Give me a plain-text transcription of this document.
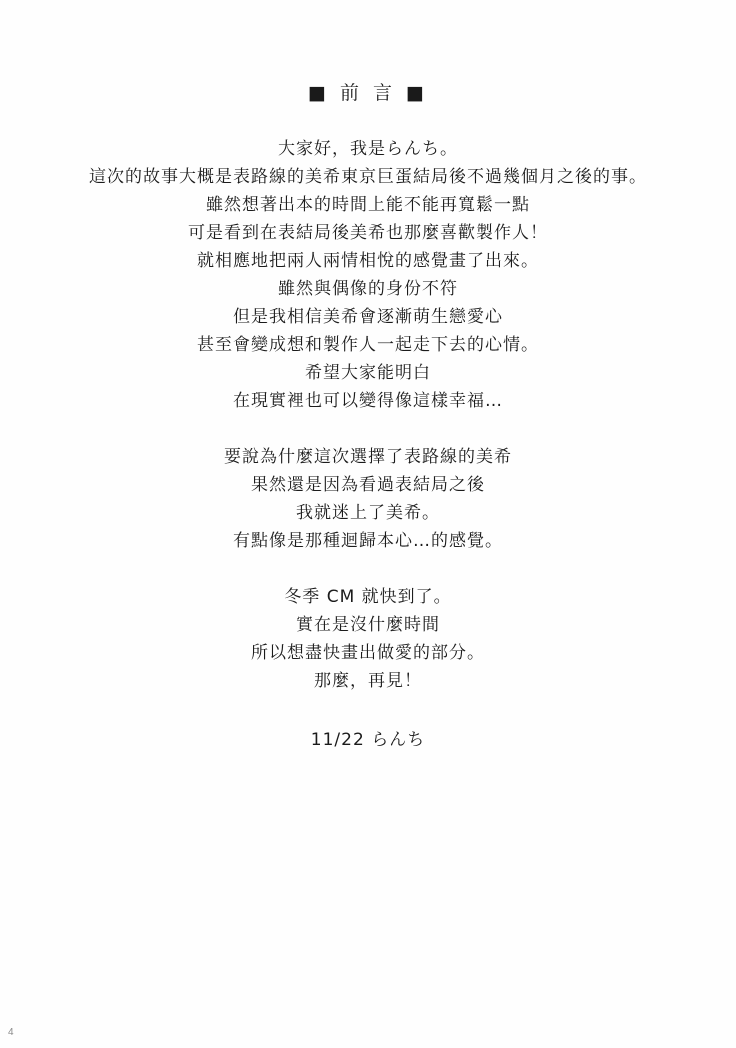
■ 前 言 ■

大家好，我是らんち。

這次的故事大概是表路線的美希東京巨蛋結局後不過幾個月之後的事。

雖然想著出本的時間上能不能再寬鬆一點

可是看到在表結局後美希也那麼喜歡製作人！

就相應地把兩人兩情相悅的感覺畫了出來。

雖然與偶像的身份不符

但是我相信美希會逐漸萌生戀愛心

甚至會變成想和製作人一起走下去的心情。

希望大家能明白

在現實裡也可以變得像這樣幸福…

要說為什麼這次選擇了表路線的美希

果然還是因為看過表結局之後

我就迷上了美希。

有點像是那種迴歸本心…的感覺。

冬季 CM 就快到了。

實在是沒什麼時間

所以想盡快畫出做愛的部分。

那麼，再見！

11/22 らんち
4
